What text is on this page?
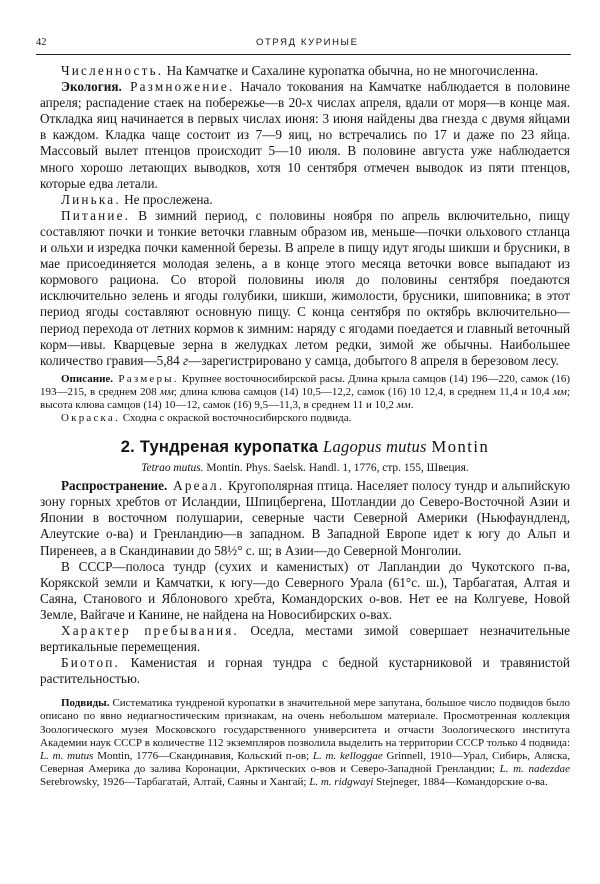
42	ОТРЯД КУРИНЫЕ

Численность. На Камчатке и Сахалине куропатка обычна, но не многочисленна.

Экология. Размножение. Начало токования на Камчатке наблюдается в половине апреля; распадение стаек на побережье—в 20-х числах апреля, вдали от моря—в конце мая. Откладка яиц начинается в первых числах июня: 3 июня найдены два гнезда с двумя яйцами в каждом. Кладка чаще состоит из 7—9 яиц, но встречались по 17 и даже по 23 яйца. Массовый вылет птенцов происходит 5—10 июля. В половине августа уже наблюдается много хорошо летающих выводков, хотя 10 сентября отмечен выводок из пяти птенцов, которые едва летали.

Линька. Не прослежена.

Питание. В зимний период, с половины ноября по апрель включительно, пищу составляют почки и тонкие веточки главным образом ив, меньше—почки ольхового стланца и ольхи и изредка почки каменной березы. В апреле в пищу идут ягоды шикши и брусники, в мае присоединяется молодая зелень, а в конце этого месяца веточки вовсе выпадают из кормового рациона. Со второй половины июля до половины сентября поедаются исключительно зелень и ягоды голубики, шикши, жимолости, брусники, шиповника; в этот период ягоды составляют основную пищу. С конца сентября по октябрь включительно—период перехода от летних кормов к зимним: наряду с ягодами поедается и главный веточный корм—ивы. Кварцевые зерна в желудках летом редки, зимой же обычны. Наибольшее количество гравия—5,84 г—зарегистрировано у самца, добытого 8 апреля в березовом лесу.

Описание. Размеры. Крупнее восточносибирской расы. Длина крыла самцов (14) 196—220, самок (16) 193—215, в среднем 208 мм; длина клюва самцов (14) 10,5—12,2, самок (16) 10 12,4, в среднем 11,4 и 10,4 мм; высота клюва самцов (14) 10—12, самок (16) 9,5—11,3, в среднем 11 и 10,2 мм.

Окраска. Сходна с окраской восточносибирского подвида.

2. Тундреная куропатка Lagopus mutus Montin

Tetrao mutus. Montin. Phys. Saelsk. Handl. 1, 1776, стр. 155, Швеция.

Распространение. Ареал. Кругополярная птица. Населяет полосу тундр и альпийскую зону горных хребтов от Исландии, Шпицбергена, Шотландии до Северо-Восточной Азии и Японии в восточном полушарии, северные части Северной Америки (Ньюфаундленд, Алеутские о-ва) и Гренландию—в западном. В Западной Европе идет к югу до Альп и Пиренеев, а в Скандинавии до 58½° с. ш; в Азии—до Северной Монголии.

В СССР—полоса тундр (сухих и каменистых) от Лапландии до Чукотского п-ва, Корякской земли и Камчатки, к югу—до Северного Урала (61°с. ш.), Тарбагатая, Алтая и Саяна, Станового и Яблонового хребта, Командорских о-вов. Нет ее на Колгуеве, Новой Земле, Вайгаче и Канине, не найдена на Новосибирских о-вах.

Характер пребывания. Оседла, местами зимой совершает незначительные вертикальные перемещения.

Биотоп. Каменистая и горная тундра с бедной кустарниковой и травянистой растительностью.

Подвиды. Систематика тундреной куропатки в значительной мере запутана, большое число подвидов было описано по явно недиагностическим признакам, на очень небольшом материале. Просмотренная коллекция Зоологического музея Московского государственного университета и отчасти Зоологического института Академии наук СССР в количестве 112 экземпляров позволила выделить на территории СССР только 4 подвида: L. m. mutus Montin, 1776—Скандинавия, Кольский п-ов; L. m. kelloggae Grinnell, 1910—Урал, Сибирь, Аляска, Северная Америка до залива Коронации, Арктических о-вов и Северо-Западной Гренландии; L. m. nadezdae Serebrowsky, 1926—Тарбагатай, Алтай, Саяны и Хангай; L. m. ridgwayi Stejneger, 1884—Командорские о-ва.
